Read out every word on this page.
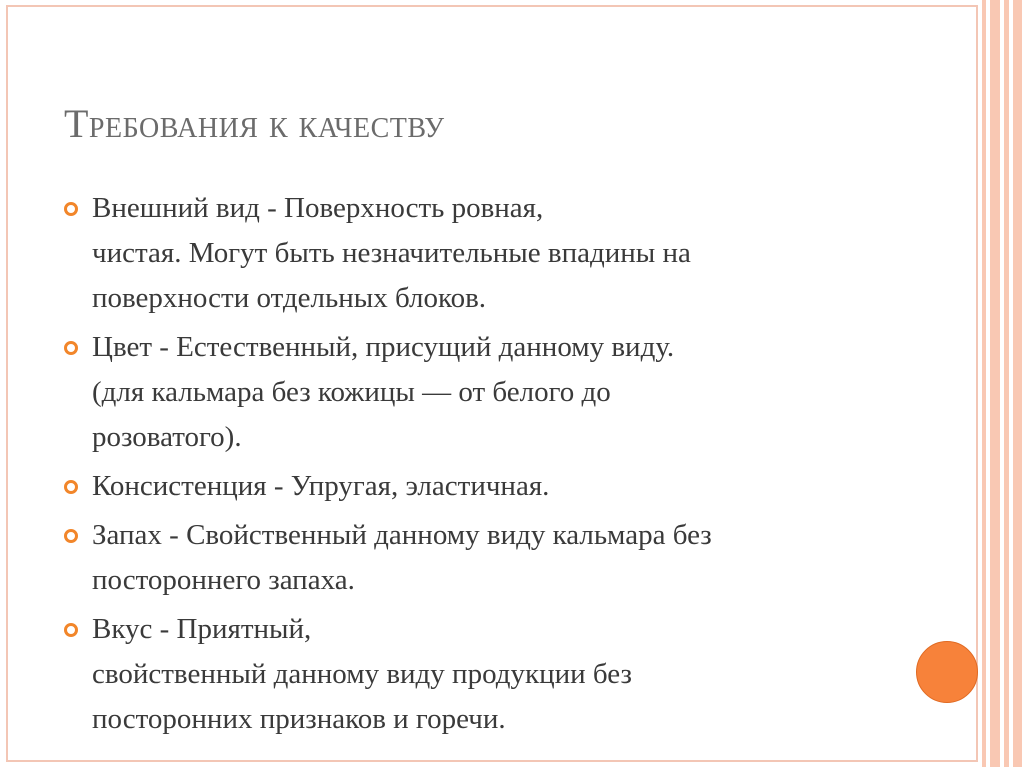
Требования к качеству
Внешний вид - Поверхность ровная,
чистая. Могут быть незначительные впадины на
поверхности отдельных блоков.
Цвет - Естественный, присущий данному виду.
(для кальмара без кожицы — от белого до
розоватого).
Консистенция - Упругая, эластичная.
Запах - Свойственный данному виду кальмара без
постороннего запаха.
Вкус - Приятный,
свойственный данному виду продукции без
посторонних признаков и горечи.
